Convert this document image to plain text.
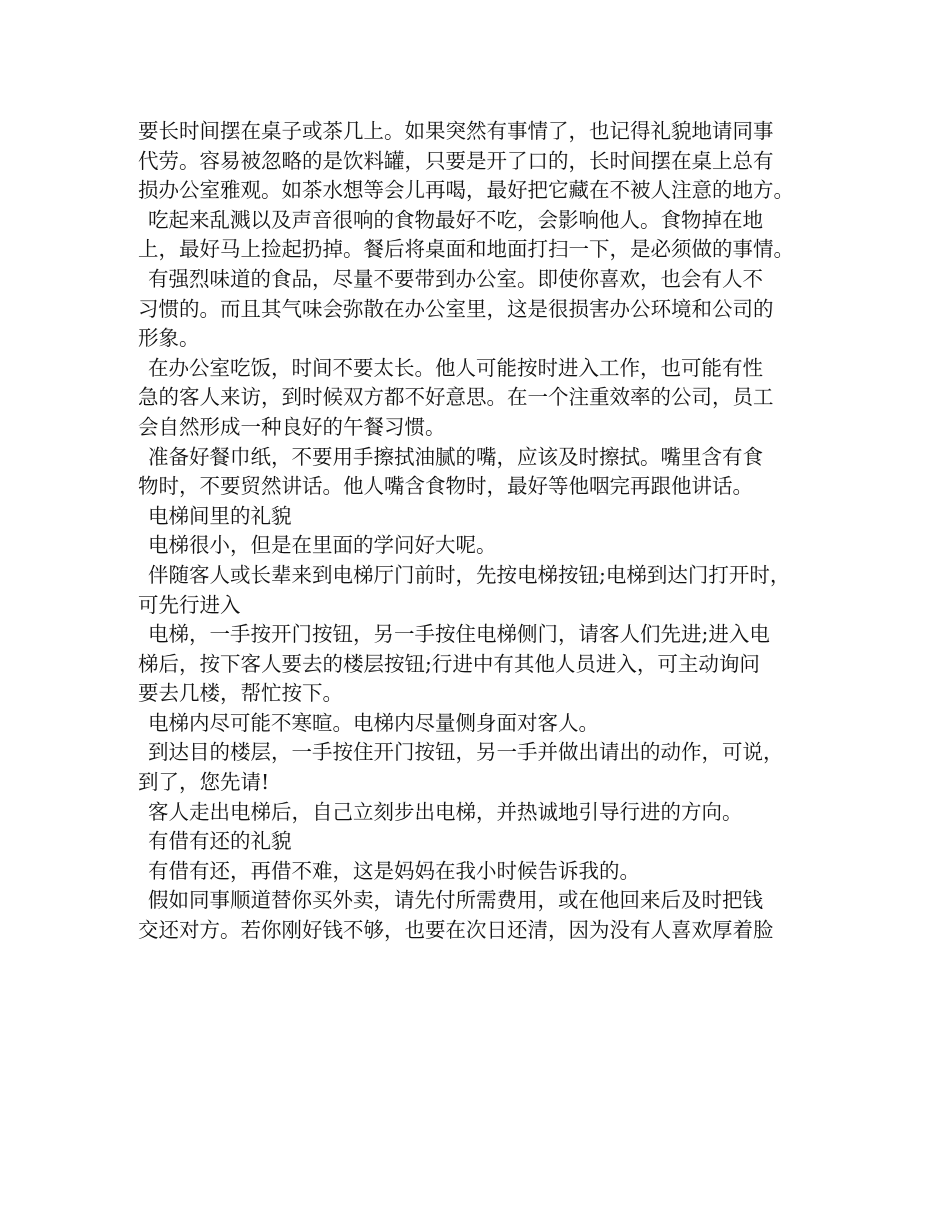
要长时间摆在桌子或茶几上。如果突然有事情了，也记得礼貌地请同事
代劳。容易被忽略的是饮料罐，只要是开了口的，长时间摆在桌上总有
损办公室雅观。如茶水想等会儿再喝，最好把它藏在不被人注意的地方。
吃起来乱溅以及声音很响的食物最好不吃，会影响他人。食物掉在地
上，最好马上捡起扔掉。餐后将桌面和地面打扫一下，是必须做的事情。
有强烈味道的食品，尽量不要带到办公室。即使你喜欢，也会有人不
习惯的。而且其气味会弥散在办公室里，这是很损害办公环境和公司的
形象。
在办公室吃饭，时间不要太长。他人可能按时进入工作，也可能有性
急的客人来访，到时候双方都不好意思。在一个注重效率的公司，员工
会自然形成一种良好的午餐习惯。
准备好餐巾纸，不要用手擦拭油腻的嘴，应该及时擦拭。嘴里含有食
物时，不要贸然讲话。他人嘴含食物时，最好等他咽完再跟他讲话。
电梯间里的礼貌
电梯很小，但是在里面的学问好大呢。
伴随客人或长辈来到电梯厅门前时，先按电梯按钮;电梯到达门打开时，
可先行进入
电梯，一手按开门按钮，另一手按住电梯侧门，请客人们先进;进入电
梯后，按下客人要去的楼层按钮;行进中有其他人员进入，可主动询问
要去几楼，帮忙按下。
电梯内尽可能不寒暄。电梯内尽量侧身面对客人。
到达目的楼层，一手按住开门按钮，另一手并做出请出的动作，可说，
到了，您先请!
客人走出电梯后，自己立刻步出电梯，并热诚地引导行进的方向。
有借有还的礼貌
有借有还，再借不难，这是妈妈在我小时候告诉我的。
假如同事顺道替你买外卖，请先付所需费用，或在他回来后及时把钱
交还对方。若你刚好钱不够，也要在次日还清，因为没有人喜欢厚着脸
